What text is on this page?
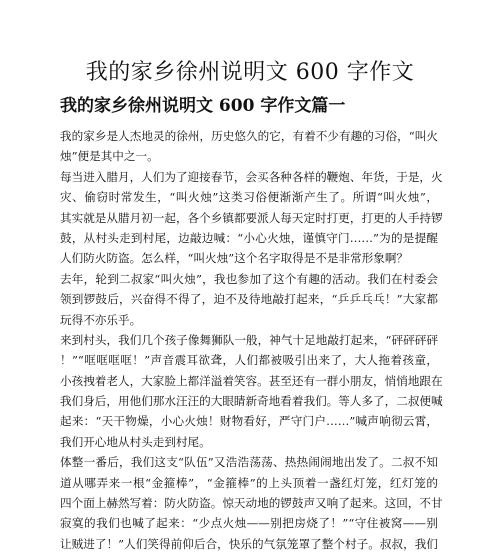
我的家乡徐州说明文 600 字作文
我的家乡徐州说明文 600 字作文篇一
我的家乡是人杰地灵的徐州，历史悠久的它，有着不少有趣的习俗，“叫火
烛”便是其中之一。
每当进入腊月，人们为了迎接春节，会买各种各样的鞭炮、年货，于是，火
灾、偷窃时常发生，“叫火烛”这类习俗便渐渐产生了。所谓“叫火烛”，
其实就是从腊月初一起，各个乡镇都要派人每天定时打更，打更的人手持锣
鼓，从村头走到村尾，边敲边喊：“小心火烛，谨慎守门……”为的是提醒
人们防火防盗。怎么样，“叫火烛”这个名字取得是不是非常形象啊？
去年，轮到二叔家“叫火烛”，我也参加了这个有趣的活动。我们在村委会
领到锣鼓后，兴奋得不得了，迫不及待地敲打起来，“乒乒乓乓！”大家都
玩得不亦乐乎。
来到村头，我们几个孩子像舞狮队一般，神气十足地敲打起来，“砰砰砰砰
！”“哐哐哐哐！”声音震耳欲聋，人们都被吸引出来了，大人拖着孩童，
小孩拽着老人，大家脸上都洋溢着笑容。甚至还有一群小朋友，悄悄地跟在
我们身后，用他们那水汪汪的大眼睛新奇地看着我们。等人多了，二叔便喊
起来：“天干物燥，小心火烛！财物看好，严守门户……”喊声响彻云霄，
我们开心地从村头走到村尾。
体整一番后，我们这支“队伍”又浩浩荡荡、热热闹闹地出发了。二叔不知
道从哪弄来一根“金箍棒”，“金箍棒”的上头顶着一盏红灯笼，红灯笼的
四个面上赫然写着：防火防盗。惊天动地的锣鼓声又响了起来。这回，不甘
寂寞的我们也喊了起来：“少点火烛——别把房烧了！”“守住被窝——别
让贼进了！”人们笑得前仰后合，快乐的气氛笼罩了整个村子。叔叔，我们
